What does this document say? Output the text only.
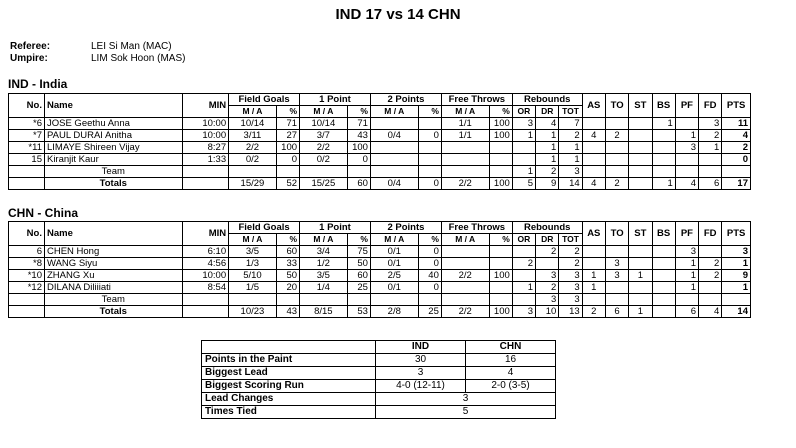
IND 17 vs 14 CHN
Referee:	LEI Si Man (MAC)
Umpire:	LIM Sok Hoon (MAS)
IND - India
No.	Name	MIN	Field Goals		1 Point		2 Points		Free Throws		Rebounds			AS	TO	ST	BS	PF	FD	PTS
			M / A	%	M / A	%	M / A	%	M / A	%	OR	DR	TOT							
*6	JOSE Geethu Anna	10:00	10/14	71	10/14	71			1/1	100	3	4	7				1		3	11
*7	PAUL DURAI Anitha	10:00	3/11	27	3/7	43	0/4	0	1/1	100	1	1	2	4	2			1	2	4
*11	LIMAYE Shireen Vijay	8:27	2/2	100	2/2	100						1	1					3	1	2
15	Kiranjit Kaur	1:33	0/2	0	0/2	0						1	1							0
	Team										1	2	3							
	Totals		15/29	52	15/25	60	0/4	0	2/2	100	5	9	14	4	2		1	4	6	17
CHN - China
No.	Name	MIN	Field Goals		1 Point		2 Points		Free Throws		Rebounds			AS	TO	ST	BS	PF	FD	PTS
			M / A	%	M / A	%	M / A	%	M / A	%	OR	DR	TOT							
6	CHEN Hong	6:10	3/5	60	3/4	75	0/1	0				2	2					3		3
*8	WANG Siyu	4:56	1/3	33	1/2	50	0/1	0			2		2		3			1	2	1
*10	ZHANG Xu	10:00	5/10	50	3/5	60	2/5	40	2/2	100		3	3	1	3	1		1	2	9
*12	DILANA Diliiiati	8:54	1/5	20	1/4	25	0/1	0			1	2	3	1				1		1
	Team											3	3							
	Totals		10/23	43	8/15	53	2/8	25	2/2	100	3	10	13	2	6	1		6	4	14
	IND	CHN
Points in the Paint	30	16
Biggest Lead	3	4
Biggest Scoring Run	4-0 (12-11)	2-0 (3-5)
Lead Changes	3	
Times Tied	5	
